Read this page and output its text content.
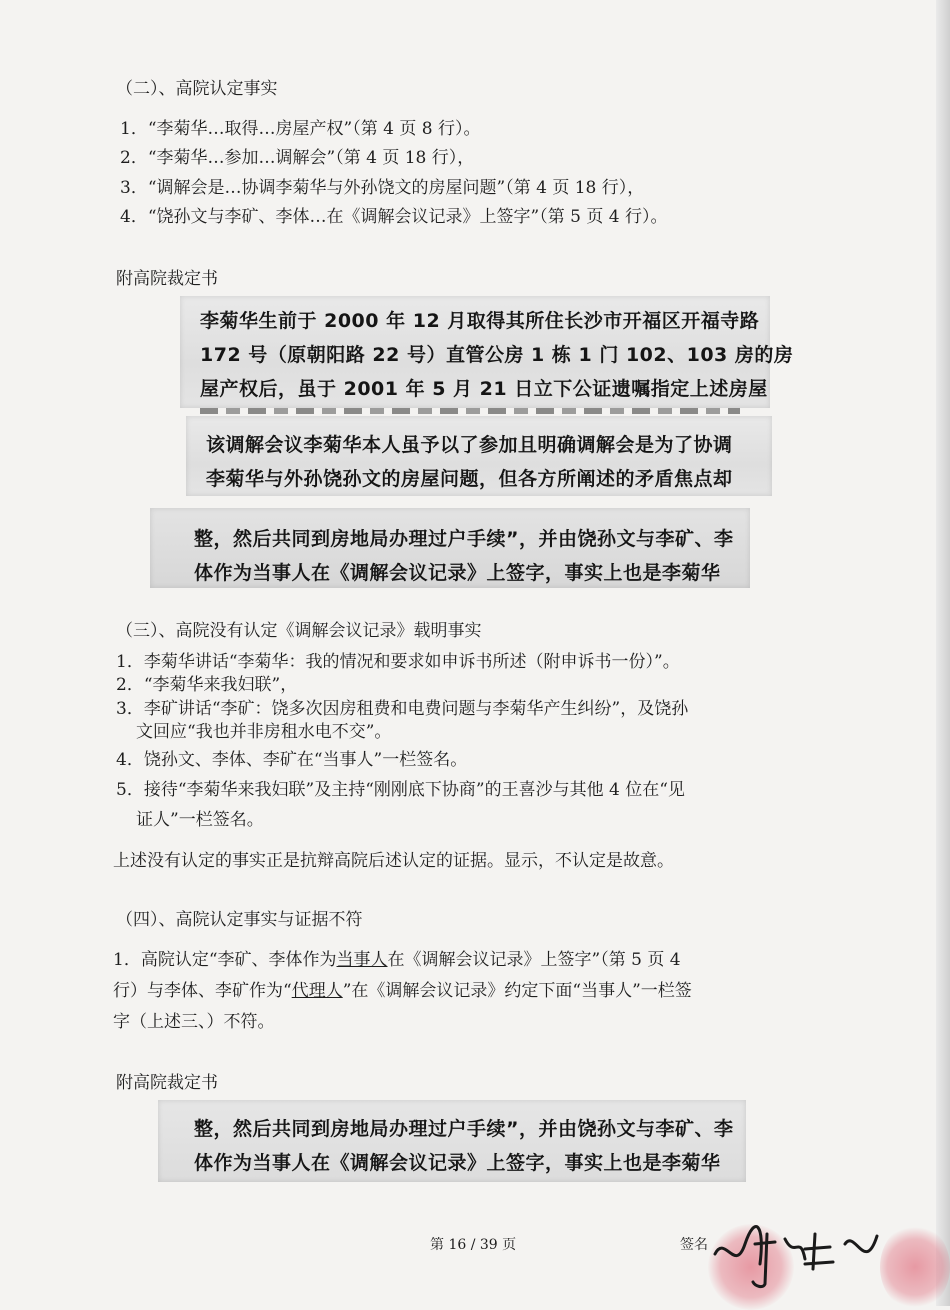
（二）、高院认定事实
1．“李菊华…取得…房屋产权”（第 4 页 8 行）。
2．“李菊华…参加…调解会”（第 4 页 18 行），
3．“调解会是…协调李菊华与外孙饶文的房屋问题”（第 4 页 18 行），
4．“饶孙文与李矿、李体…在《调解会议记录》上签字”（第 5 页 4 行）。
附高院裁定书
李菊华生前于 2000 年 12 月取得其所住长沙市开福区开福寺路
172 号（原朝阳路 22 号）直管公房 1 栋 1 门 102、103 房的房
屋产权后，虽于 2001 年 5 月 21 日立下公证遗嘱指定上述房屋
该调解会议李菊华本人虽予以了参加且明确调解会是为了协调
李菊华与外孙饶孙文的房屋问题，但各方所阐述的矛盾焦点却
整，然后共同到房地局办理过户手续”，并由饶孙文与李矿、李
体作为当事人在《调解会议记录》上签字，事实上也是李菊华
（三）、高院没有认定《调解会议记录》载明事实
1．李菊华讲话“李菊华：我的情况和要求如申诉书所述（附申诉书一份）”。
2．“李菊华来我妇联”，
3．李矿讲话“李矿：饶多次因房租费和电费问题与李菊华产生纠纷”，及饶孙
文回应“我也并非房租水电不交”。
4．饶孙文、李体、李矿在“当事人”一栏签名。
5．接待“李菊华来我妇联”及主持“刚刚底下协商”的王喜沙与其他 4 位在“见
证人”一栏签名。
上述没有认定的事实正是抗辩高院后述认定的证据。显示，不认定是故意。
（四）、高院认定事实与证据不符
1．高院认定“李矿、李体作为当事人在《调解会议记录》上签字”（第 5 页 4
行）与李体、李矿作为“代理人”在《调解会议记录》约定下面“当事人”一栏签
字（上述三、）不符。
附高院裁定书
整，然后共同到房地局办理过户手续”，并由饶孙文与李矿、李
体作为当事人在《调解会议记录》上签字，事实上也是李菊华
第 16 / 39 页	签名
